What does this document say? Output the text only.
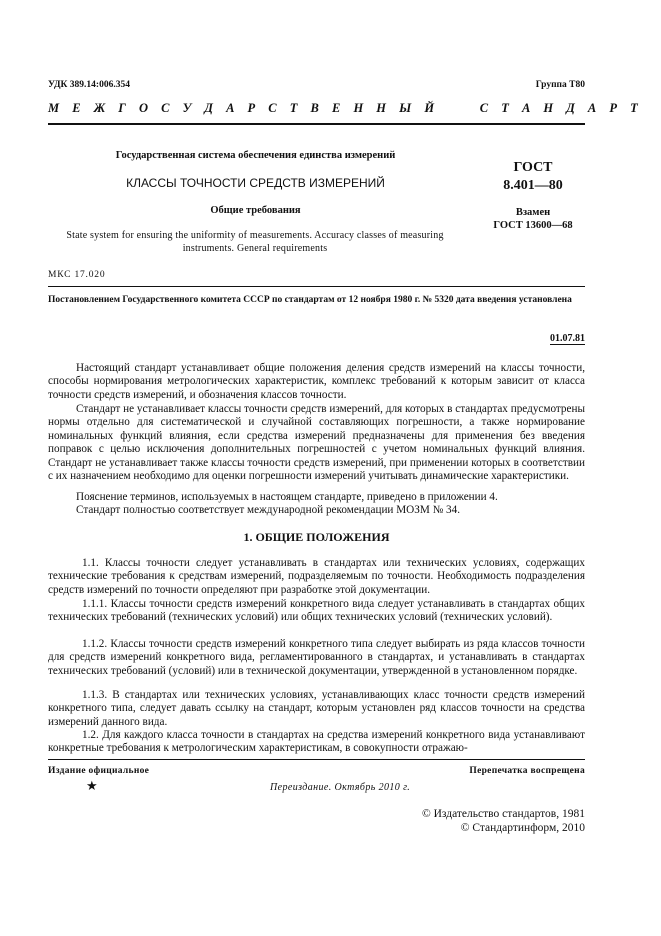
УДК 389.14:006.354	Группа Т80
М Е Ж Г О С У Д А Р С Т В Е Н Н Ы Й     С Т А Н Д А Р Т
Государственная система обеспечения единства измерений
КЛАССЫ ТОЧНОСТИ СРЕДСТВ ИЗМЕРЕНИЙ
Общие требования
State system for ensuring the uniformity of measurements. Accuracy classes of measuring
instruments. General requirements
ГОСТ
8.401—80
Взамен
ГОСТ 13600—68
МКС 17.020
Постановлением Государственного комитета СССР по стандартам от 12 ноября 1980 г. № 5320 дата введения установлена
01.07.81
Настоящий стандарт устанавливает общие положения деления средств измерений на классы точности, способы нормирования метрологических характеристик, комплекс требований к которым зависит от класса точности средств измерений, и обозначения классов точности.
Стандарт не устанавливает классы точности средств измерений, для которых в стандартах предусмотрены нормы отдельно для систематической и случайной составляющих погрешности, а также нормирование номинальных функций влияния, если средства измерений предназначены для применения без введения поправок с целью исключения дополнительных погрешностей с учетом номинальных функций влияния. Стандарт не устанавливает также классы точности средств измерений, при применении которых в соответствии с их назначением необходимо для оценки погрешности измерений учитывать динамические характеристики.
Пояснение терминов, используемых в настоящем стандарте, приведено в приложении 4.
Стандарт полностью соответствует международной рекомендации МОЗМ № 34.
1. ОБЩИЕ ПОЛОЖЕНИЯ
1.1. Классы точности следует устанавливать в стандартах или технических условиях, содержащих технические требования к средствам измерений, подразделяемым по точности. Необходимость подразделения средств измерений по точности определяют при разработке этой документации.
1.1.1. Классы точности средств измерений конкретного вида следует устанавливать в стандартах общих технических требований (технических условий) или общих технических условий (технических условий).
1.1.2. Классы точности средств измерений конкретного типа следует выбирать из ряда классов точности для средств измерений конкретного вида, регламентированного в стандартах, и устанавливать в стандартах технических требований (условий) или в технической документации, утвержденной в установленном порядке.
1.1.3. В стандартах или технических условиях, устанавливающих класс точности средств измерений конкретного типа, следует давать ссылку на стандарт, которым установлен ряд классов точности на средства измерений данного вида.
1.2. Для каждого класса точности в стандартах на средства измерений конкретного вида устанавливают конкретные требования к метрологическим характеристикам, в совокупности отражаю-
Издание официальное	Перепечатка воспрещена
★	Переиздание. Октябрь 2010 г.
© Издательство стандартов, 1981
© Стандартинформ, 2010
